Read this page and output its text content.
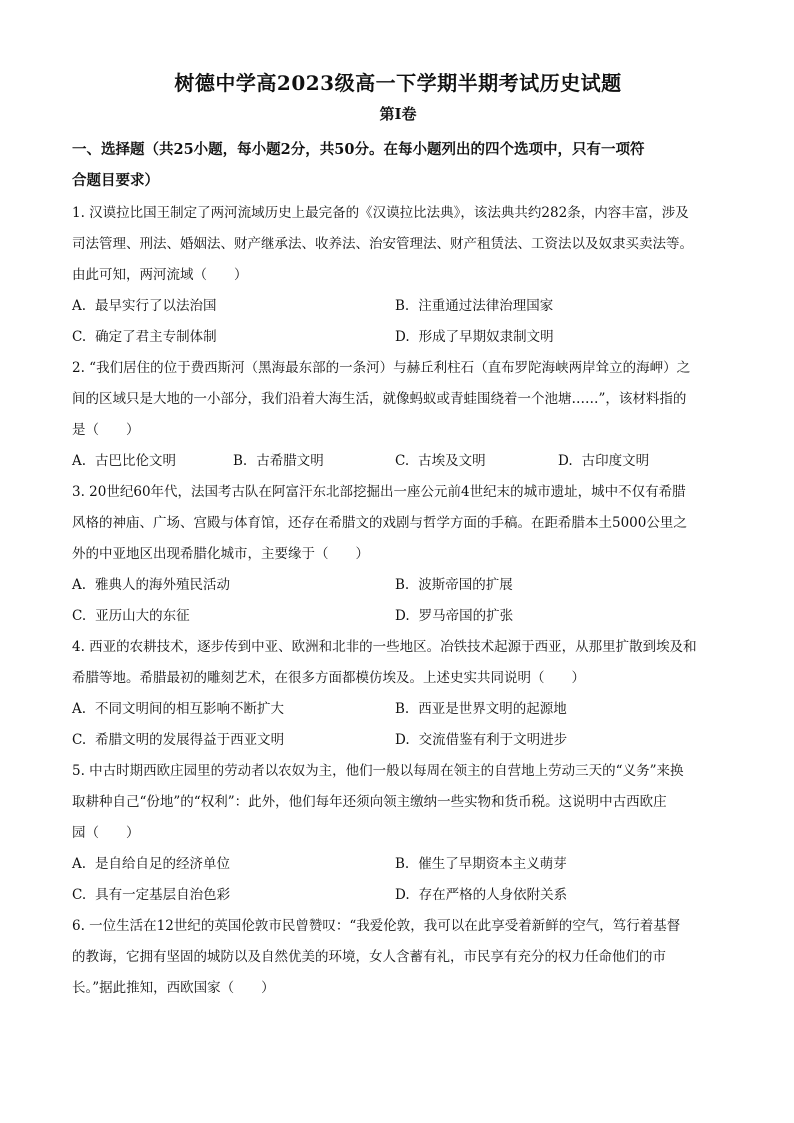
树德中学高2023级高一下学期半期考试历史试题
第I卷
一、选择题（共25小题，每小题2分，共50分。在每小题列出的四个选项中，只有一项符
合题目要求）
1. 汉谟拉比国王制定了两河流域历史上最完备的《汉谟拉比法典》，该法典共约282条，内容丰富，涉及
司法管理、刑法、婚姻法、财产继承法、收养法、治安管理法、财产租赁法、工资法以及奴隶买卖法等。
由此可知，两河流域（　　）
A. 最早实行了以法治国	B. 注重通过法律治理国家
C. 确定了君主专制体制	D. 形成了早期奴隶制文明
2. “我们居住的位于费西斯河（黑海最东部的一条河）与赫丘利柱石（直布罗陀海峡两岸耸立的海岬）之
间的区域只是大地的一小部分，我们沿着大海生活，就像蚂蚁或青蛙围绕着一个池塘……”，该材料指的
是（　　）
A. 古巴比伦文明	B. 古希腊文明	C. 古埃及文明	D. 古印度文明
3. 20世纪60年代，法国考古队在阿富汗东北部挖掘出一座公元前4世纪末的城市遗址，城中不仅有希腊
风格的神庙、广场、宫殿与体育馆，还存在希腊文的戏剧与哲学方面的手稿。在距希腊本土5000公里之
外的中亚地区出现希腊化城市，主要缘于（　　）
A. 雅典人的海外殖民活动	B. 波斯帝国的扩展
C. 亚历山大的东征	D. 罗马帝国的扩张
4. 西亚的农耕技术，逐步传到中亚、欧洲和北非的一些地区。冶铁技术起源于西亚，从那里扩散到埃及和
希腊等地。希腊最初的雕刻艺术，在很多方面都模仿埃及。上述史实共同说明（　　）
A. 不同文明间的相互影响不断扩大	B. 西亚是世界文明的起源地
C. 希腊文明的发展得益于西亚文明	D. 交流借鉴有利于文明进步
5. 中古时期西欧庄园里的劳动者以农奴为主，他们一般以每周在领主的自营地上劳动三天的“义务”来换
取耕种自己“份地”的“权利”：此外，他们每年还须向领主缴纳一些实物和货币税。这说明中古西欧庄
园（　　）
A. 是自给自足的经济单位	B. 催生了早期资本主义萌芽
C. 具有一定基层自治色彩	D. 存在严格的人身依附关系
6. 一位生活在12世纪的英国伦敦市民曾赞叹：“我爱伦敦，我可以在此享受着新鲜的空气，笃行着基督
的教诲，它拥有坚固的城防以及自然优美的环境，女人含蓄有礼，市民享有充分的权力任命他们的市
长。”据此推知，西欧国家（　　）
